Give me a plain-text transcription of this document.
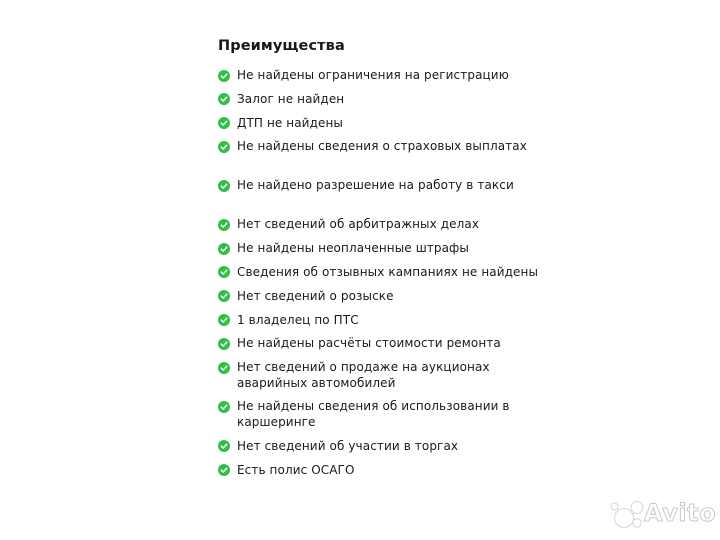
Преимущества
Не найдены ограничения на регистрацию
Залог не найден
ДТП не найдены
Не найдены сведения о страховых выплатах
Не найдено разрешение на работу в такси
Нет сведений об арбитражных делах
Не найдены неоплаченные штрафы
Сведения об отзывных кампаниях не найдены
Нет сведений о розыске
1 владелец по ПТС
Не найдены расчёты стоимости ремонта
Нет сведений о продаже на аукционах аварийных автомобилей
Не найдены сведения об использовании в каршеринге
Нет сведений об участии в торгах
Есть полис ОСАГО
Avito
